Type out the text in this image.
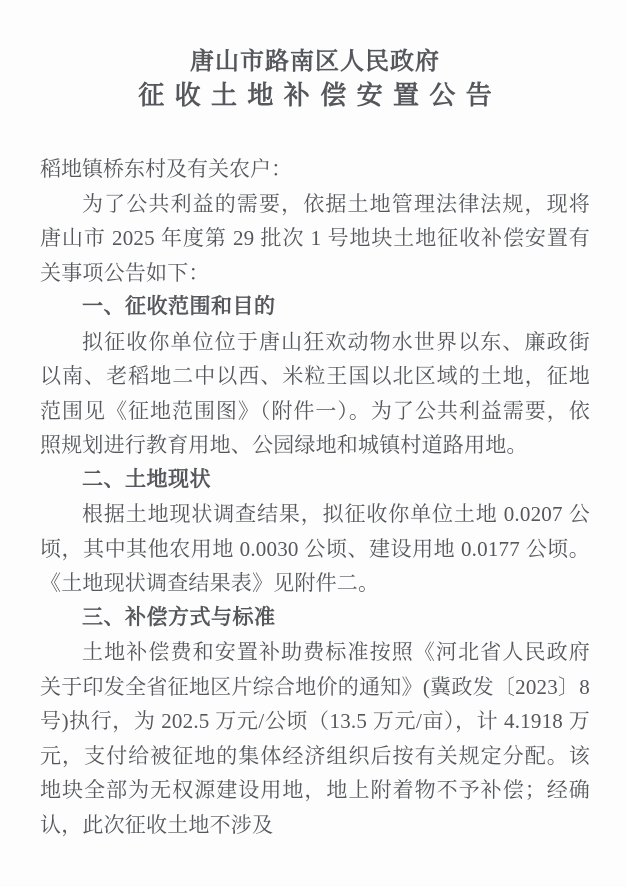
唐山市路南区人民政府
征收土地补偿安置公告

稻地镇桥东村及有关农户：

为了公共利益的需要，依据土地管理法律法规，现将唐山市 2025 年度第 29 批次 1 号地块土地征收补偿安置有关事项公告如下：

一、征收范围和目的

拟征收你单位位于唐山狂欢动物水世界以东、廉政街以南、老稻地二中以西、米粒王国以北区域的土地，征地范围见《征地范围图》（附件一）。为了公共利益需要，依照规划进行教育用地、公园绿地和城镇村道路用地。

二、土地现状

根据土地现状调查结果，拟征收你单位土地 0.0207 公顷，其中其他农用地 0.0030 公顷、建设用地 0.0177 公顷。《土地现状调查结果表》见附件二。

三、补偿方式与标准

土地补偿费和安置补助费标准按照《河北省人民政府关于印发全省征地区片综合地价的通知》(冀政发〔2023〕8 号)执行，为 202.5 万元/公顷（13.5 万元/亩），计 4.1918 万元，支付给被征地的集体经济组织后按有关规定分配。该地块全部为无权源建设用地，地上附着物不予补偿；经确认，此次征收土地不涉及
